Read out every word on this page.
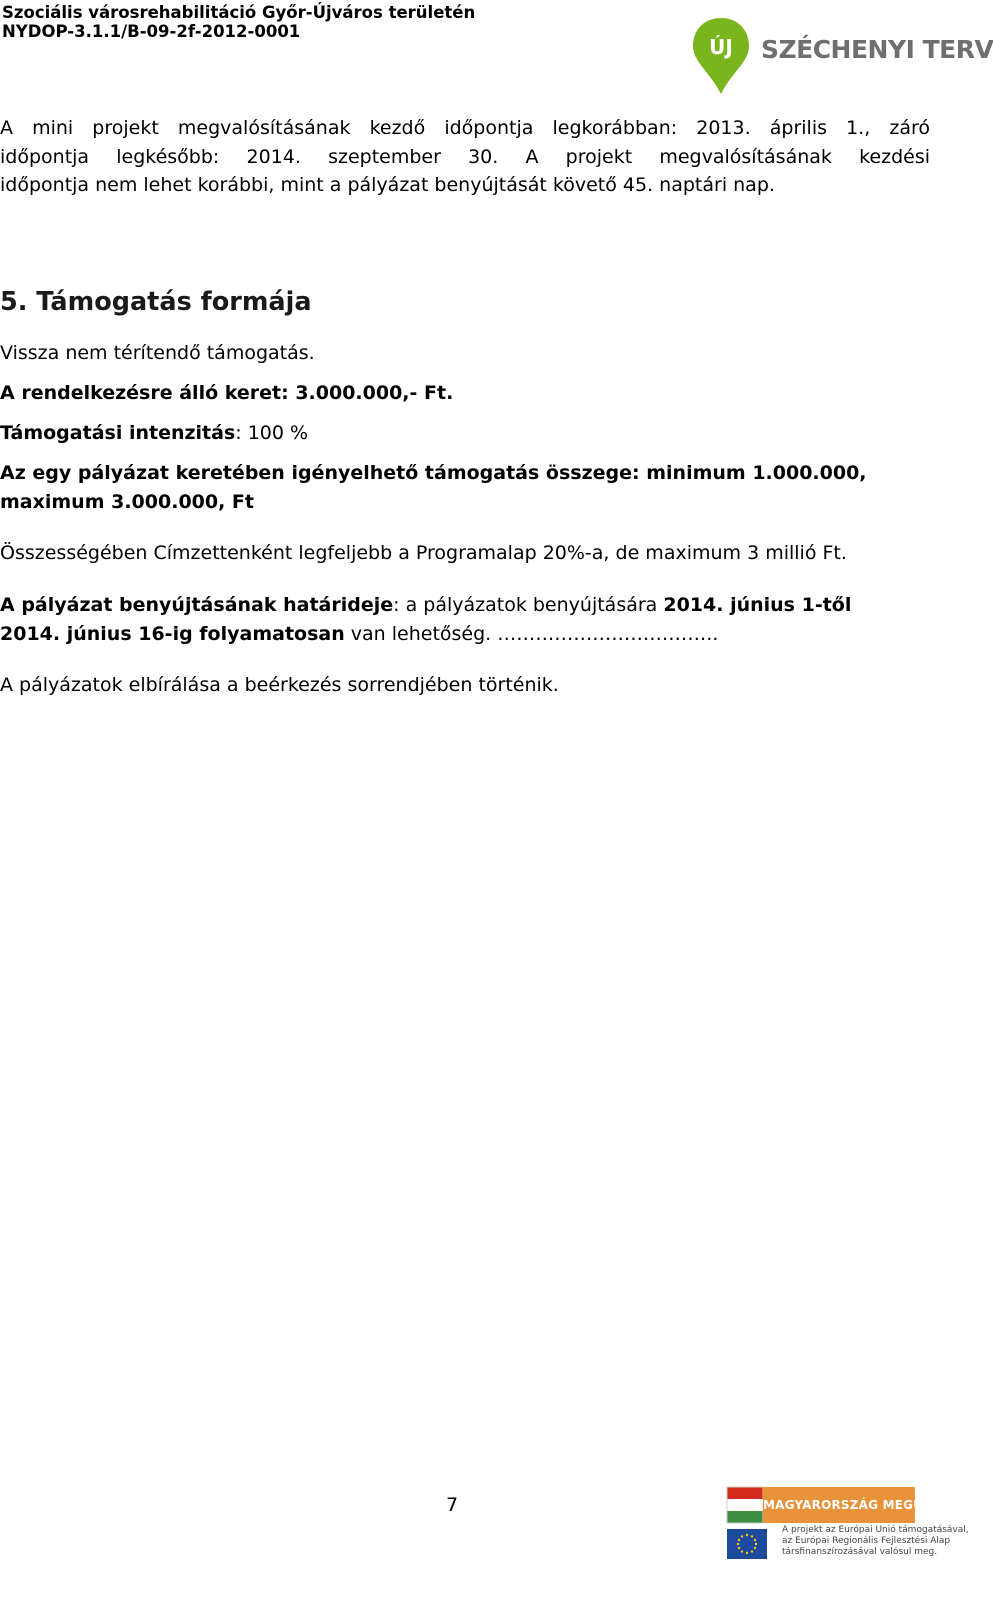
Szociális városrehabilitáció Győr-Újváros területén
NYDOP-3.1.1/B-09-2f-2012-0001
ÚJ SZÉCHENYI TERV
A mini projekt megvalósításának kezdő időpontja legkorábban: 2013. április 1., záró
időpontja legkésőbb: 2014. szeptember 30. A projekt megvalósításának kezdési
időpontja nem lehet korábbi, mint a pályázat benyújtását követő 45. naptári nap.
5. Támogatás formája
Vissza nem térítendő támogatás.
A rendelkezésre álló keret: 3.000.000,- Ft.
Támogatási intenzitás: 100 %
Az egy pályázat keretében igényelhető támogatás összege: minimum 1.000.000,
maximum 3.000.000, Ft
Összességében Címzettenként legfeljebb a Programalap 20%-a, de maximum 3 millió Ft.
A pályázat benyújtásának határideje: a pályázatok benyújtására 2014. június 1-től
2014. június 16-ig folyamatosan van lehetőség. ……………………………..
A pályázatok elbírálása a beérkezés sorrendjében történik.
7	MAGYARORSZÁG MEGÚJUL
A projekt az Európai Unió támogatásával,
az Európai Regionális Fejlesztési Alap
társfinanszírozásával valósul meg.
